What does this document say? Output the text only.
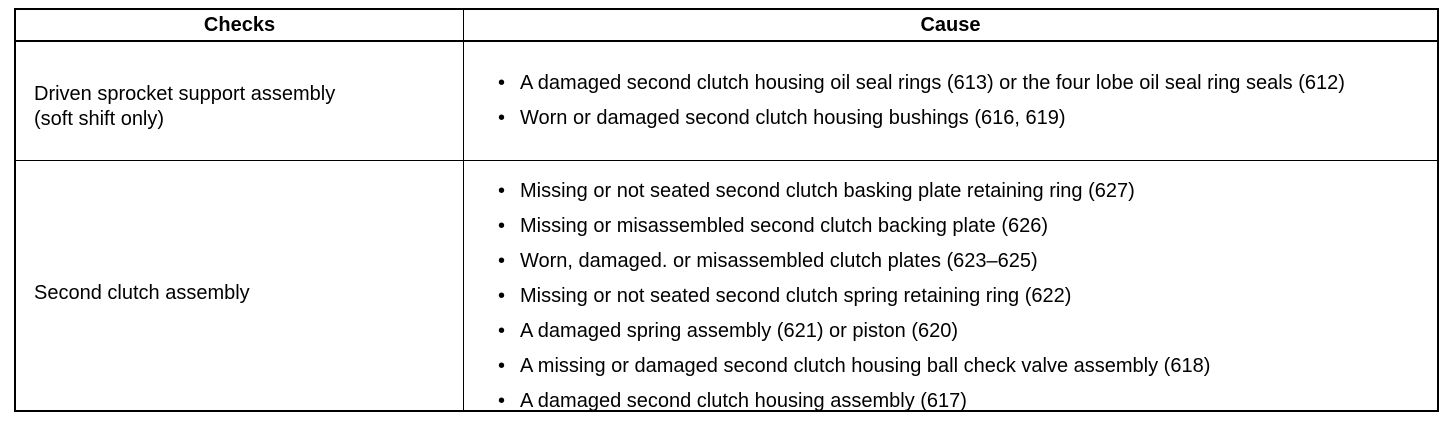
Checks	Cause
Driven sprocket support assembly
(soft shift only)
• A damaged second clutch housing oil seal rings (613) or the four lobe oil seal ring seals (612)
• Worn or damaged second clutch housing bushings (616, 619)
Second clutch assembly
• Missing or not seated second clutch basking plate retaining ring (627)
• Missing or misassembled second clutch backing plate (626)
• Worn, damaged. or misassembled clutch plates (623–625)
• Missing or not seated second clutch spring retaining ring (622)
• A damaged spring assembly (621) or piston (620)
• A missing or damaged second clutch housing ball check valve assembly (618)
• A damaged second clutch housing assembly (617)
